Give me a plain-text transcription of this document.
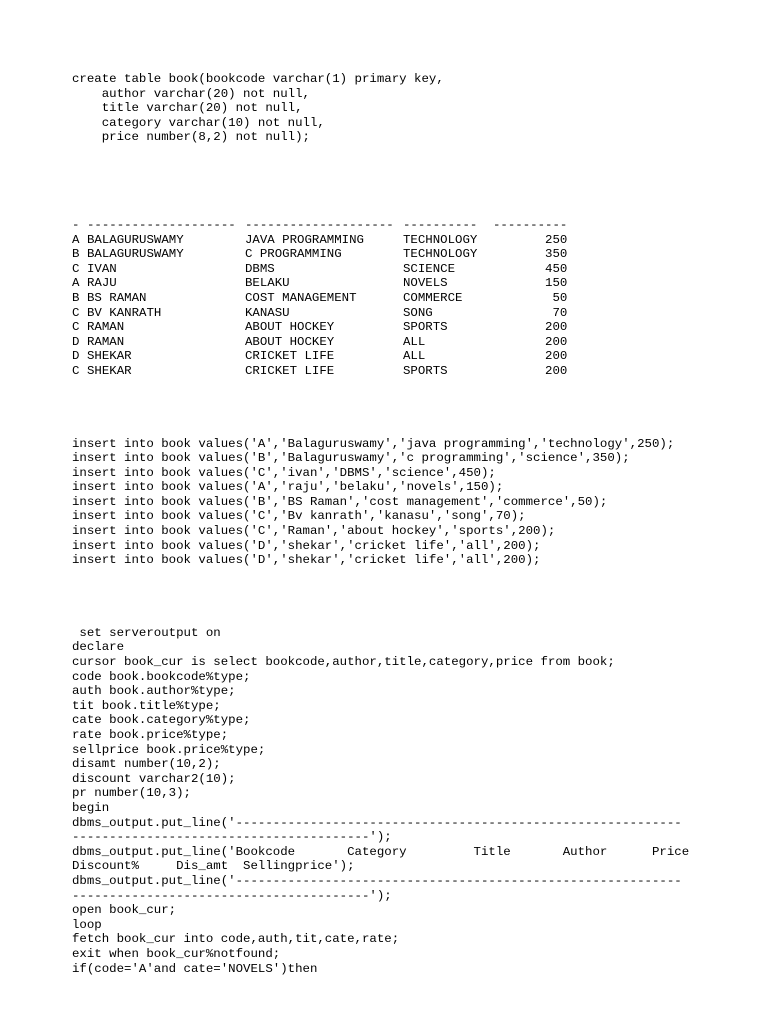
create table book(bookcode varchar(1) primary key,
author varchar(20) not null,
title varchar(20) not null,
category varchar(10) not null,
price number(8,2) not null);
-		--------------------	--------------------	----------	----------
A		BALAGURUSWAMY	JAVA PROGRAMMING	TECHNOLOGY	250
B		BALAGURUSWAMY	C PROGRAMMING	TECHNOLOGY	350
C		IVAN	DBMS	SCIENCE	450
A		RAJU	BELAKU	NOVELS	150
B		BS RAMAN	COST MANAGEMENT	COMMERCE	50
C		BV KANRATH	KANASU	SONG	70
C		RAMAN	ABOUT HOCKEY	SPORTS	200
D		RAMAN	ABOUT HOCKEY	ALL	200
D		SHEKAR	CRICKET LIFE	ALL	200
C		SHEKAR	CRICKET LIFE	SPORTS	200
insert into book values('A','Balaguruswamy','java programming','technology',250);
insert into book values('B','Balaguruswamy','c programming','science',350);
insert into book values('C','ivan','DBMS','science',450);
insert into book values('A','raju','belaku','novels',150);
insert into book values('B','BS Raman','cost management','commerce',50);
insert into book values('C','Bv kanrath','kanasu','song',70);
insert into book values('C','Raman','about hockey','sports',200);
insert into book values('D','shekar','cricket life','all',200);
insert into book values('D','shekar','cricket life','all',200);
set serveroutput on
declare
cursor book_cur is select bookcode,author,title,category,price from book;
code book.bookcode%type;
auth book.author%type;
tit book.title%type;
cate book.category%type;
rate book.price%type;
sellprice book.price%type;
disamt number(10,2);
discount varchar2(10);
pr number(10,3);
begin
dbms_output.put_line('------------------------------------------------------------
----------------------------------------');
dbms_output.put_line('Bookcode       Category         Title       Author      Price
Discount%     Dis_amt  Sellingprice');
dbms_output.put_line('------------------------------------------------------------
----------------------------------------');
open book_cur;
loop
fetch book_cur into code,auth,tit,cate,rate;
exit when book_cur%notfound;
if(code='A'and cate='NOVELS')then
